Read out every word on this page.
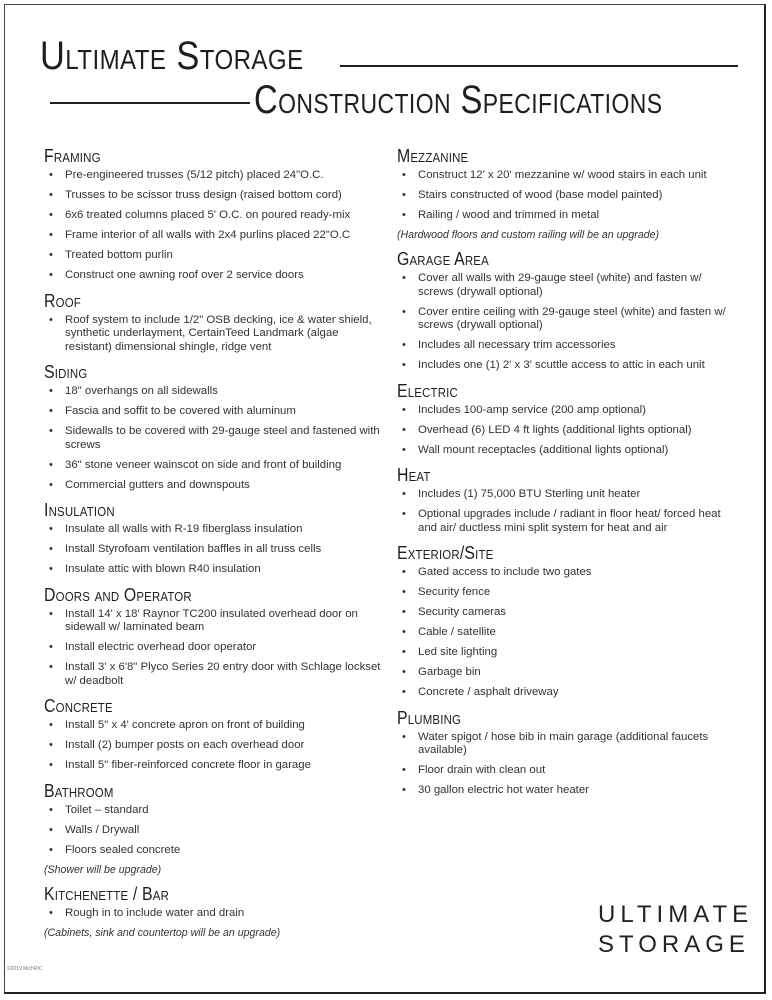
Ultimate Storage
Construction Specifications
Framing
• Pre-engineered trusses (5/12 pitch) placed 24"O.C.
• Trusses to be scissor truss design (raised bottom cord)
• 6x6 treated columns placed 5' O.C. on poured ready-mix
• Frame interior of all walls with 2x4 purlins placed 22"O.C
• Treated bottom purlin
• Construct one awning roof over 2 service doors
Roof
• Roof system to include 1/2" OSB decking, ice & water shield, synthetic underlayment, CertainTeed Landmark (algae resistant) dimensional shingle, ridge vent
Siding
• 18" overhangs on all sidewalls
• Fascia and soffit to be covered with aluminum
• Sidewalls to be covered with 29-gauge steel and fastened with screws
• 36" stone veneer wainscot on side and front of building
• Commercial gutters and downspouts
Insulation
• Insulate all walls with R-19 fiberglass insulation
• Install Styrofoam ventilation baffles in all truss cells
• Insulate attic with blown R40 insulation
Doors and Operator
• Install 14' x 18' Raynor TC200 insulated overhead door on sidewall w/ laminated beam
• Install electric overhead door operator
• Install 3' x 6'8" Plyco Series 20 entry door with Schlage lockset w/ deadbolt
Concrete
• Install 5" x 4' concrete apron on front of building
• Install (2) bumper posts on each overhead door
• Install 5" fiber-reinforced concrete floor in garage
Bathroom
• Toilet – standard
• Walls / Drywall
• Floors sealed concrete
(Shower will be upgrade)
Kitchenette / Bar
• Rough in to include water and drain
(Cabinets, sink and countertop will be an upgrade)
Mezzanine
• Construct 12' x 20' mezzanine w/ wood stairs in each unit
• Stairs constructed of wood (base model painted)
• Railing / wood and trimmed in metal
(Hardwood floors and custom railing will be an upgrade)
Garage Area
• Cover all walls with 29-gauge steel (white) and fasten w/ screws (drywall optional)
• Cover entire ceiling with 29-gauge steel (white) and fasten w/ screws (drywall optional)
• Includes all necessary trim accessories
• Includes one (1) 2' x 3' scuttle access to attic in each unit
Electric
• Includes 100-amp service (200 amp optional)
• Overhead (6) LED 4 ft lights (additional lights optional)
• Wall mount receptacles (additional lights optional)
Heat
• Includes (1) 75,000 BTU Sterling unit heater
• Optional upgrades include / radiant in floor heat/ forced heat and air/ ductless mini split system for heat and air
Exterior/Site
• Gated access to include two gates
• Security fence
• Security cameras
• Cable / satellite
• Led site lighting
• Garbage bin
• Concrete / asphalt driveway
Plumbing
• Water spigot / hose bib in main garage (additional faucets available)
• Floor drain with clean out
• 30 gallon electric hot water heater
ULTIMATE
STORAGE
©2019 MichRIC
